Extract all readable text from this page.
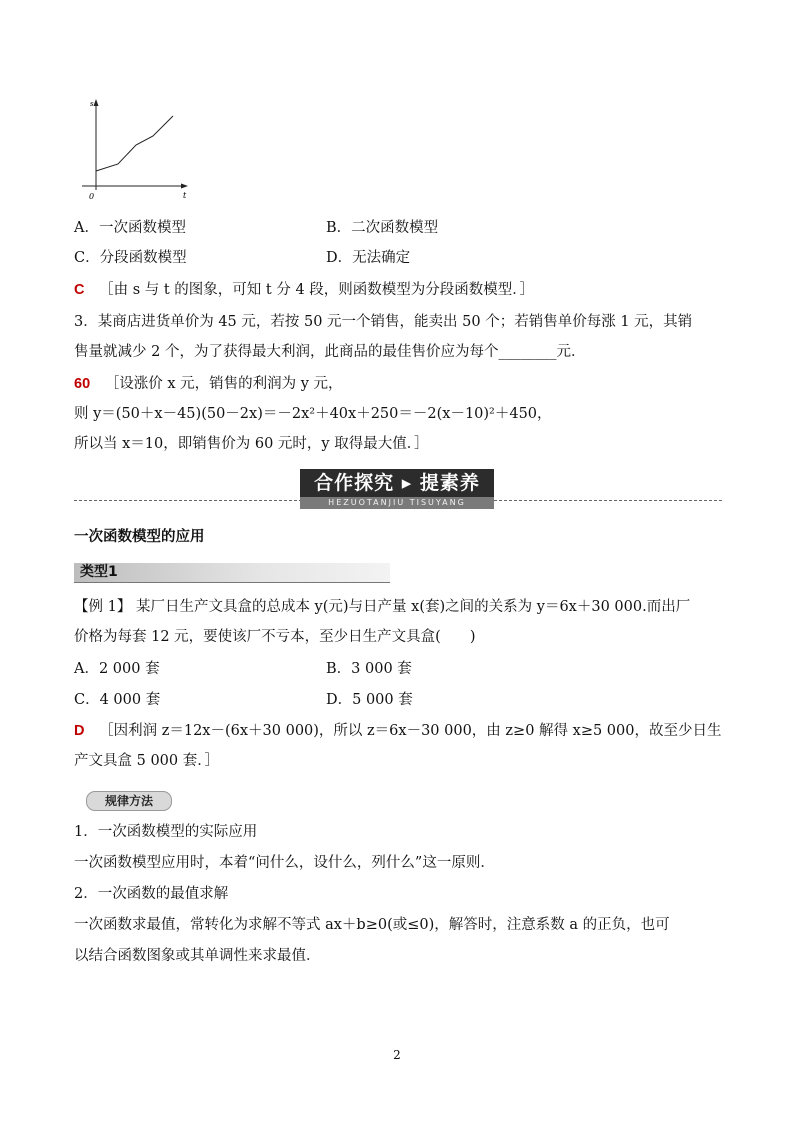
s
t
0
A．一次函数模型	B．二次函数模型
C．分段函数模型	D．无法确定
C ［由 s 与 t 的图象，可知 t 分 4 段，则函数模型为分段函数模型．］
3．某商店进货单价为 45 元，若按 50 元一个销售，能卖出 50 个；若销售单价每涨 1 元，其销
售量就减少 2 个，为了获得最大利润，此商品的最佳售价应为每个________元．
60 ［设涨价 x 元，销售的利润为 y 元，
则 y＝(50＋x－45)(50－2x)＝－2x²＋40x＋250＝－2(x－10)²＋450，
所以当 x＝10，即销售价为 60 元时，y 取得最大值．］
合作探究 ▸ 提素养
HEZUOTANJIU TISUYANG
一次函数模型的应用
类型1
【例 1】 某厂日生产文具盒的总成本 y(元)与日产量 x(套)之间的关系为 y＝6x＋30 000.而出厂
价格为每套 12 元，要使该厂不亏本，至少日生产文具盒(　　)
A．2 000 套	B．3 000 套
C．4 000 套	D．5 000 套
D ［因利润 z＝12x－(6x＋30 000)，所以 z＝6x－30 000，由 z≥0 解得 x≥5 000，故至少日生
产文具盒 5 000 套．］
规律方法
1．一次函数模型的实际应用
一次函数模型应用时，本着“问什么，设什么，列什么”这一原则．
2．一次函数的最值求解
一次函数求最值，常转化为求解不等式 ax＋b≥0(或≤0)，解答时，注意系数 a 的正负，也可
以结合函数图象或其单调性来求最值．
2
